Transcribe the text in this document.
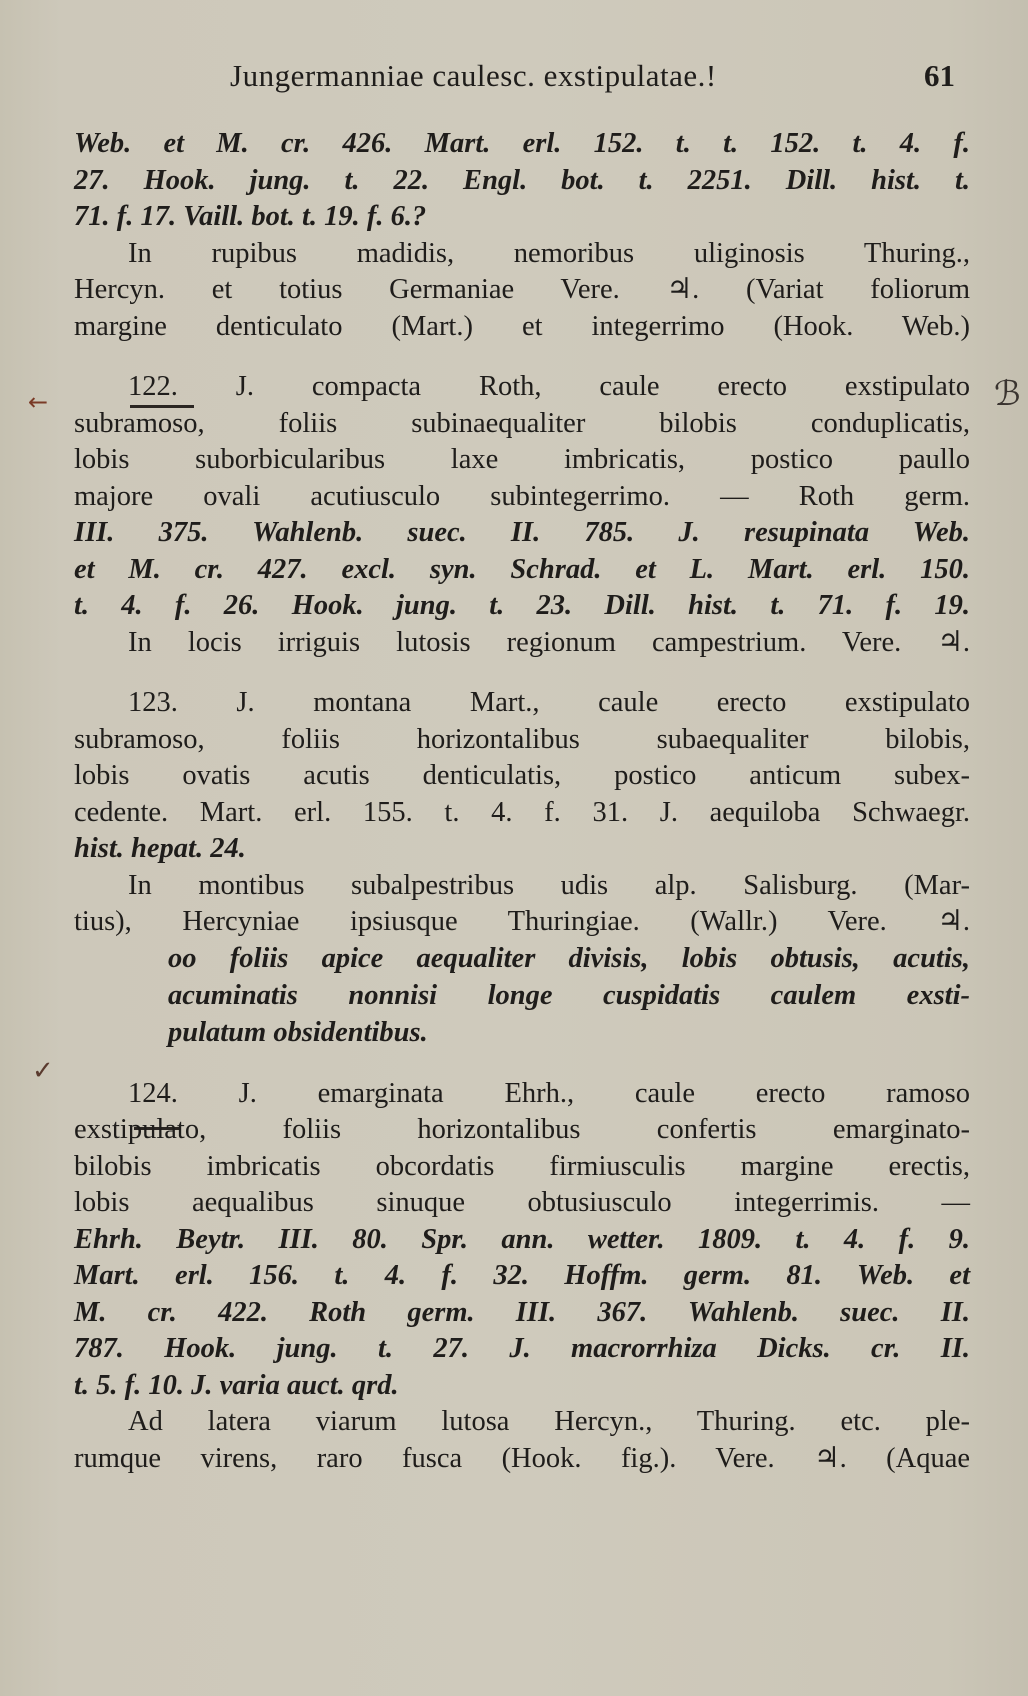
Jungermanniae caulesc. exstipulatae.!	61
←	ℬ
✓
Web. et M. cr. 426. Mart. erl. 152. t. t. 152. t. 4. f.
27. Hook. jung. t. 22. Engl. bot. t. 2251. Dill. hist. t.
71. f. 17. Vaill. bot. t. 19. f. 6.?
In rupibus madidis, nemoribus uliginosis Thuring.,
Hercyn. et totius Germaniae Vere. ♃. (Variat foliorum
margine denticulato (Mart.) et integerrimo (Hook. Web.)
122. J. compacta Roth, caule erecto exstipulato
subramoso, foliis subinaequaliter bilobis conduplicatis,
lobis suborbicularibus laxe imbricatis, postico paullo
majore ovali acutiusculo subintegerrimo. — Roth germ.
III. 375. Wahlenb. suec. II. 785. J. resupinata Web.
et M. cr. 427. excl. syn. Schrad. et L. Mart. erl. 150.
t. 4. f. 26. Hook. jung. t. 23. Dill. hist. t. 71. f. 19.
In locis irriguis lutosis regionum campestrium. Vere. ♃.
123. J. montana Mart., caule erecto exstipulato
subramoso, foliis horizontalibus subaequaliter bilobis,
lobis ovatis acutis denticulatis, postico anticum subex-
cedente. Mart. erl. 155. t. 4. f. 31. J. aequiloba Schwaegr.
hist. hepat. 24.
In montibus subalpestribus udis alp. Salisburg. (Mar-
tius), Hercyniae ipsiusque Thuringiae. (Wallr.) Vere. ♃.
oo foliis apice aequaliter divisis, lobis obtusis, acutis,
acuminatis nonnisi longe cuspidatis caulem exsti-
pulatum obsidentibus.
124. J. emarginata Ehrh., caule erecto ramoso
exstipulato, foliis horizontalibus confertis emarginato-
bilobis imbricatis obcordatis firmiusculis margine erectis,
lobis aequalibus sinuque obtusiusculo integerrimis. —
Ehrh. Beytr. III. 80. Spr. ann. wetter. 1809. t. 4. f. 9.
Mart. erl. 156. t. 4. f. 32. Hoffm. germ. 81. Web. et
M. cr. 422. Roth germ. III. 367. Wahlenb. suec. II.
787. Hook. jung. t. 27. J. macrorrhiza Dicks. cr. II.
t. 5. f. 10. J. varia auct. qrd.
Ad latera viarum lutosa Hercyn., Thuring. etc. ple-
rumque virens, raro fusca (Hook. fig.). Vere. ♃. (Aquae
